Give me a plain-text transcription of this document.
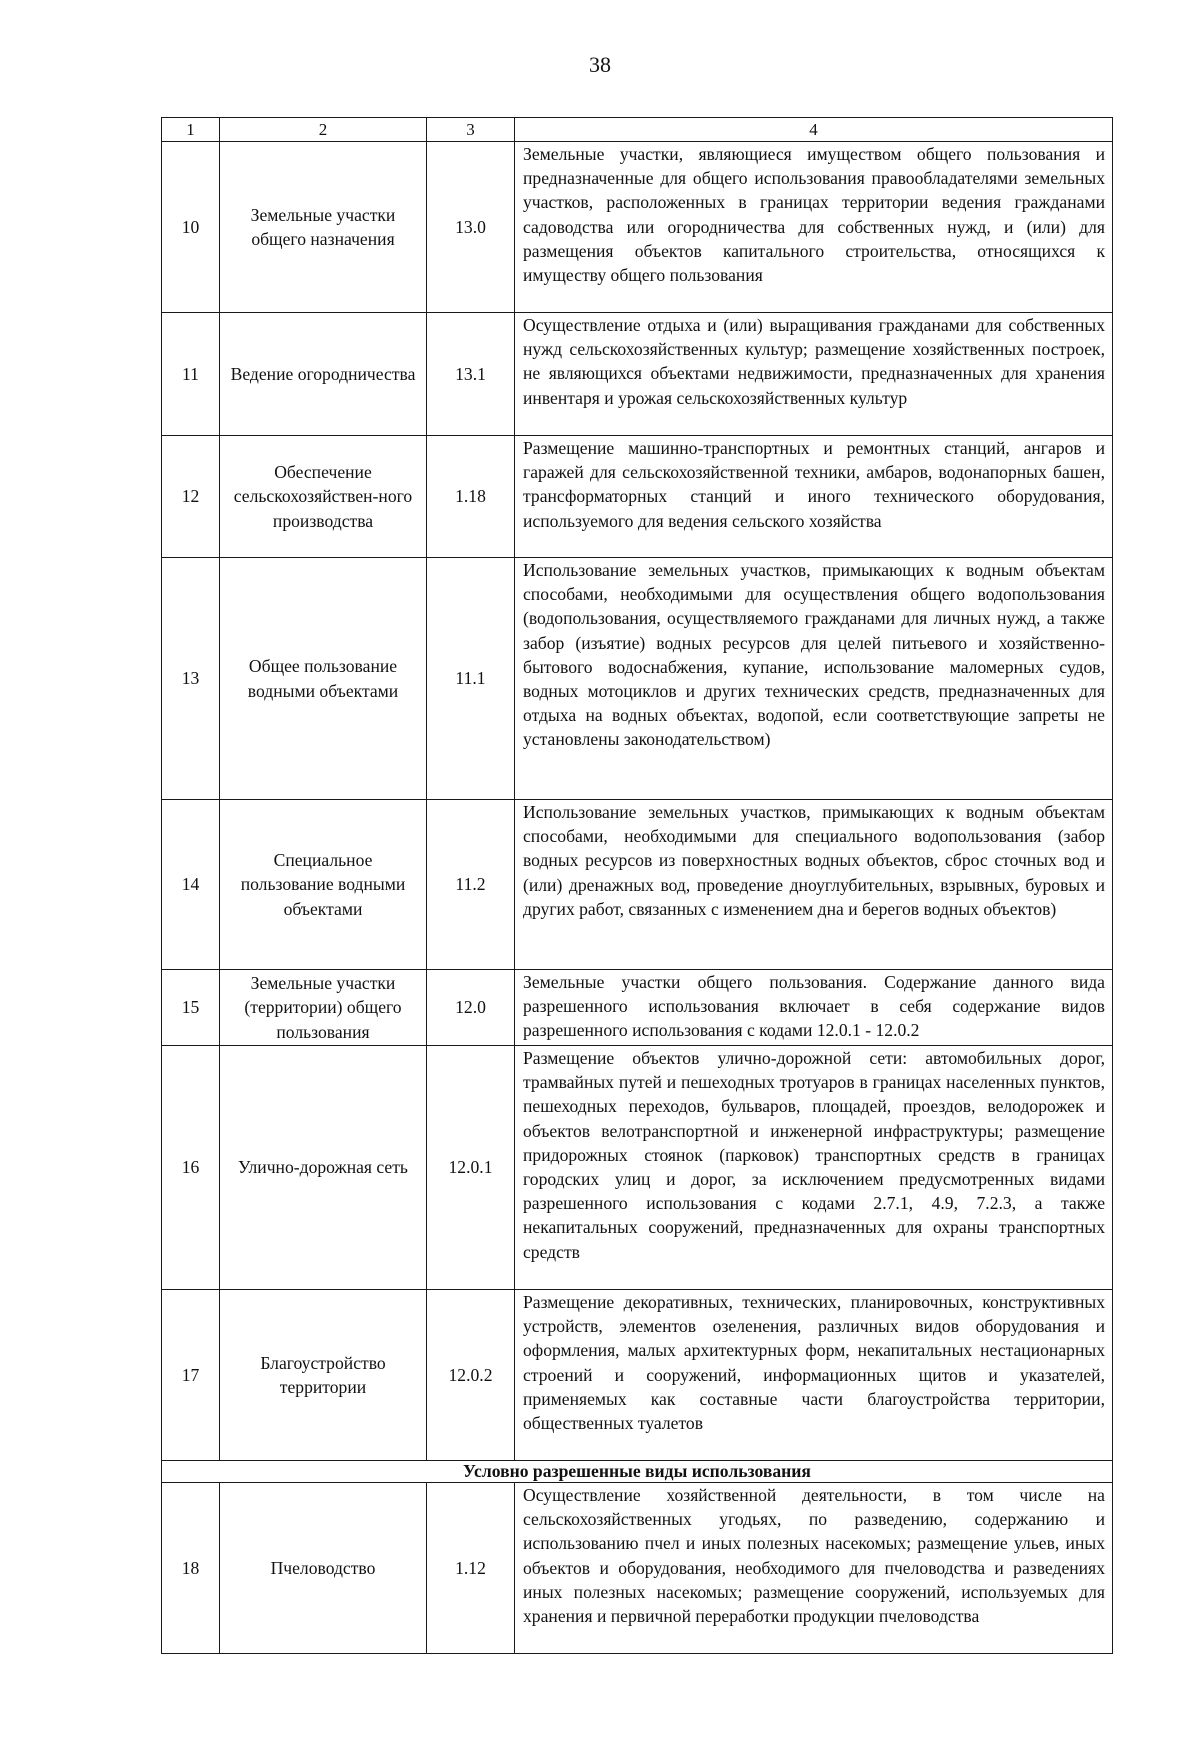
38
1	2	3	4
10	Земельные участки общего назначения	13.0	Земельные участки, являющиеся имуществом общего пользования и предназначенные для общего использования правообладателями земельных участков, расположенных в границах территории ведения гражданами садоводства или огородничества для собственных нужд, и (или) для размещения объектов капитального строительства, относящихся к имуществу общего пользования
11	Ведение огородничества	13.1	Осуществление отдыха и (или) выращивания гражданами для собственных нужд сельскохозяйственных культур; размещение хозяйственных построек, не являющихся объектами недвижимости, предназначенных для хранения инвентаря и урожая сельскохозяйственных культур
12	Обеспечение сельскохозяйствен-ного производства	1.18	Размещение машинно-транспортных и ремонтных станций, ангаров и гаражей для сельскохозяйственной техники, амбаров, водонапорных башен, трансформаторных станций и иного технического оборудования, используемого для ведения сельского хозяйства
13	Общее пользование водными объектами	11.1	Использование земельных участков, примыкающих к водным объектам способами, необходимыми для осуществления общего водопользования (водопользования, осуществляемого гражданами для личных нужд, а также забор (изъятие) водных ресурсов для целей питьевого и хозяйственно-бытового водоснабжения, купание, использование маломерных судов, водных мотоциклов и других технических средств, предназначенных для отдыха на водных объектах, водопой, если соответствующие запреты не установлены законодательством)
14	Специальное пользование водными объектами	11.2	Использование земельных участков, примыкающих к водным объектам способами, необходимыми для специального водопользования (забор водных ресурсов из поверхностных водных объектов, сброс сточных вод и (или) дренажных вод, проведение дноуглубительных, взрывных, буровых и других работ, связанных с изменением дна и берегов водных объектов)
15	Земельные участки (территории) общего пользования	12.0	Земельные участки общего пользования. Содержание данного вида разрешенного использования включает в себя содержание видов разрешенного использования с кодами 12.0.1 - 12.0.2
16	Улично-дорожная сеть	12.0.1	Размещение объектов улично-дорожной сети: автомобильных дорог, трамвайных путей и пешеходных тротуаров в границах населенных пунктов, пешеходных переходов, бульваров, площадей, проездов, велодорожек и объектов велотранспортной и инженерной инфраструктуры; размещение придорожных стоянок (парковок) транспортных средств в границах городских улиц и дорог, за исключением предусмотренных видами разрешенного использования с кодами 2.7.1, 4.9, 7.2.3, а также некапитальных сооружений, предназначенных для охраны транспортных средств
17	Благоустройство территории	12.0.2	Размещение декоративных, технических, планировочных, конструктивных устройств, элементов озеленения, различных видов оборудования и оформления, малых архитектурных форм, некапитальных нестационарных строений и сооружений, информационных щитов и указателей, применяемых как составные части благоустройства территории, общественных туалетов
Условно разрешенные виды использования			
18	Пчеловодство	1.12	Осуществление хозяйственной деятельности, в том числе на сельскохозяйственных угодьях, по разведению, содержанию и использованию пчел и иных полезных насекомых; размещение ульев, иных объектов и оборудования, необходимого для пчеловодства и разведениях иных полезных насекомых; размещение сооружений, используемых для хранения и первичной переработки продукции пчеловодства
